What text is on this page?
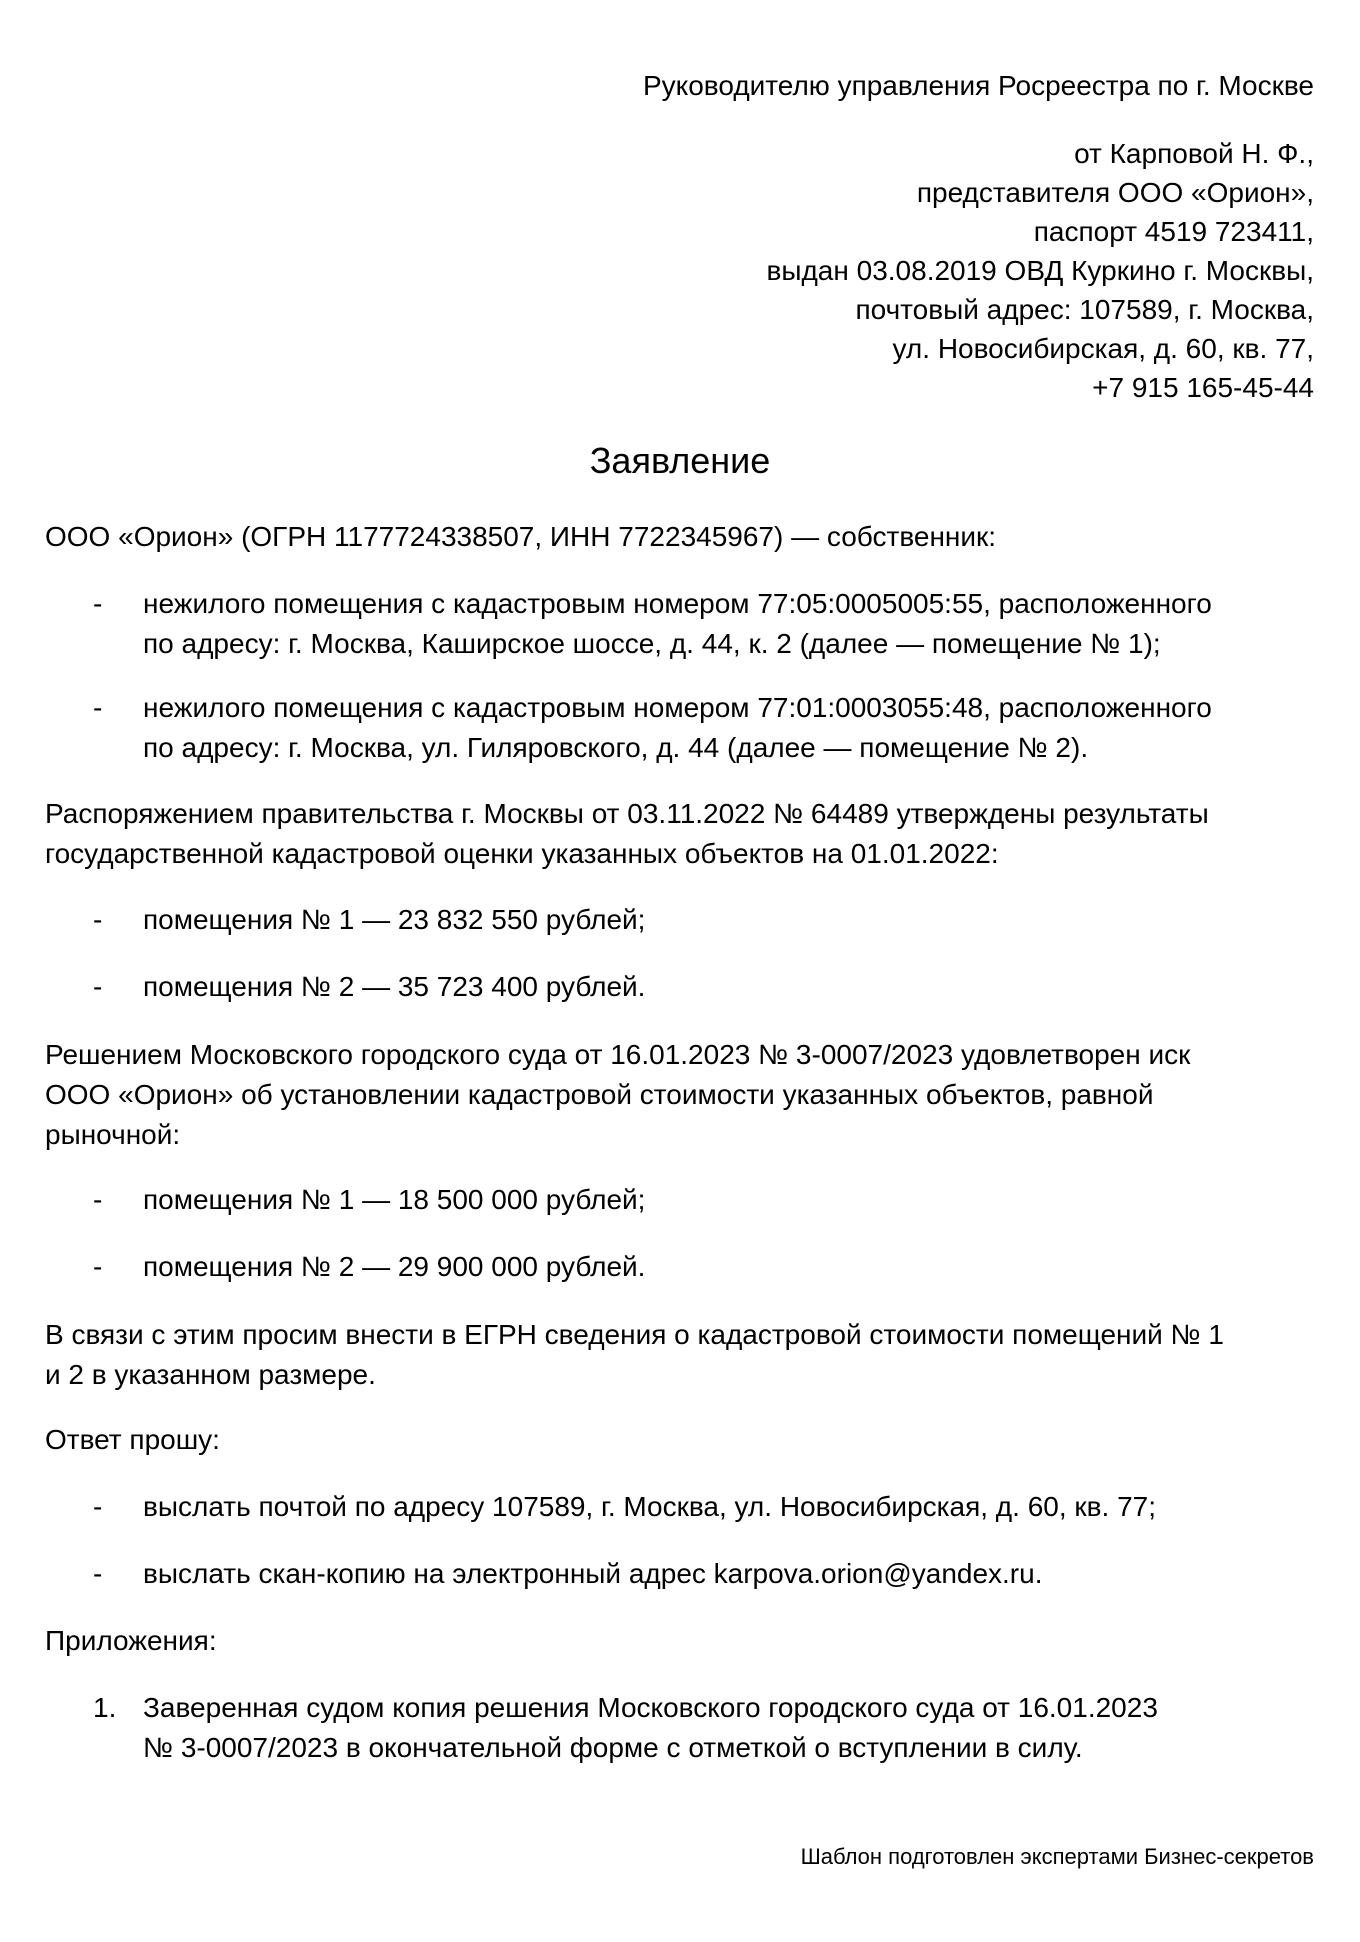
Руководителю управления Росреестра по г. Москве
от Карповой Н. Ф.,
представителя ООО «Орион»,
паспорт 4519 723411,
выдан 03.08.2019 ОВД Куркино г. Москвы,
почтовый адрес: 107589, г. Москва,
ул. Новосибирская, д. 60, кв. 77,
+7 915 165-45-44
Заявление
ООО «Орион» (ОГРН 1177724338507, ИНН 7722345967) — собственник:
- нежилого помещения с кадастровым номером 77:05:0005005:55, расположенного
по адресу: г. Москва, Каширское шоссе, д. 44, к. 2 (далее — помещение № 1);
- нежилого помещения с кадастровым номером 77:01:0003055:48, расположенного
по адресу: г. Москва, ул. Гиляровского, д. 44 (далее — помещение № 2).
Распоряжением правительства г. Москвы от 03.11.2022 № 64489 утверждены результаты
государственной кадастровой оценки указанных объектов на 01.01.2022:
- помещения № 1 — 23 832 550 рублей;
- помещения № 2 — 35 723 400 рублей.
Решением Московского городского суда от 16.01.2023 № 3-0007/2023 удовлетворен иск
ООО «Орион» об установлении кадастровой стоимости указанных объектов, равной
рыночной:
- помещения № 1 — 18 500 000 рублей;
- помещения № 2 — 29 900 000 рублей.
В связи с этим просим внести в ЕГРН сведения о кадастровой стоимости помещений № 1
и 2 в указанном размере.
Ответ прошу:
- выслать почтой по адресу 107589, г. Москва, ул. Новосибирская, д. 60, кв. 77;
- выслать скан-копию на электронный адрес karpova.orion@yandex.ru.
Приложения:
1. Заверенная судом копия решения Московского городского суда от 16.01.2023
№ 3-0007/2023 в окончательной форме с отметкой о вступлении в силу.
Шаблон подготовлен экспертами Бизнес-секретов
